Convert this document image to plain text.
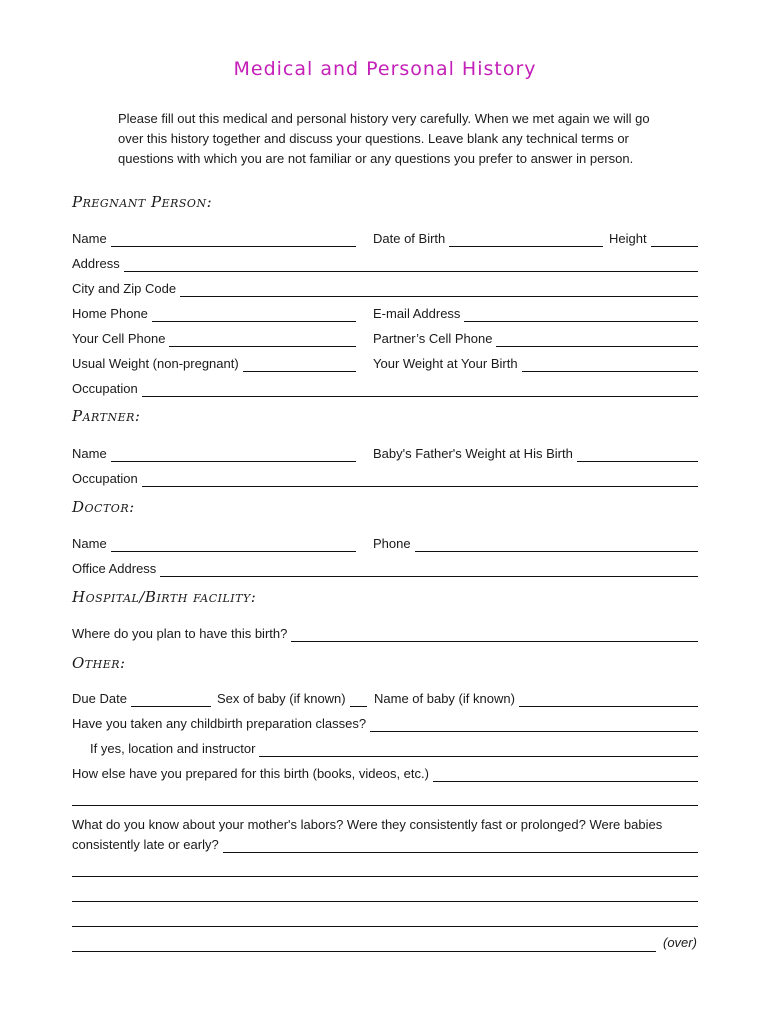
Medical and Personal History
Please fill out this medical and personal history very carefully. When we met again we will go
over this history together and discuss your questions. Leave blank any technical terms or
questions with which you are not familiar or any questions you prefer to answer in person.
Pregnant Person:
Name	Date of Birth	Height
Address
City and Zip Code
Home Phone	E-mail Address
Your Cell Phone	Partner’s Cell Phone
Usual Weight (non-pregnant)	Your Weight at Your Birth
Occupation
Partner:
Name	Baby's Father's Weight at His Birth
Occupation
Doctor:
Name	Phone
Office Address
Hospital/Birth facility:
Where do you plan to have this birth?
Other:
Due Date	Sex of baby (if known)	Name of baby (if known)
Have you taken any childbirth preparation classes?
If yes, location and instructor
How else have you prepared for this birth (books, videos, etc.)
What do you know about your mother's labors? Were they consistently fast or prolonged? Were babies
consistently late or early?
(over)
